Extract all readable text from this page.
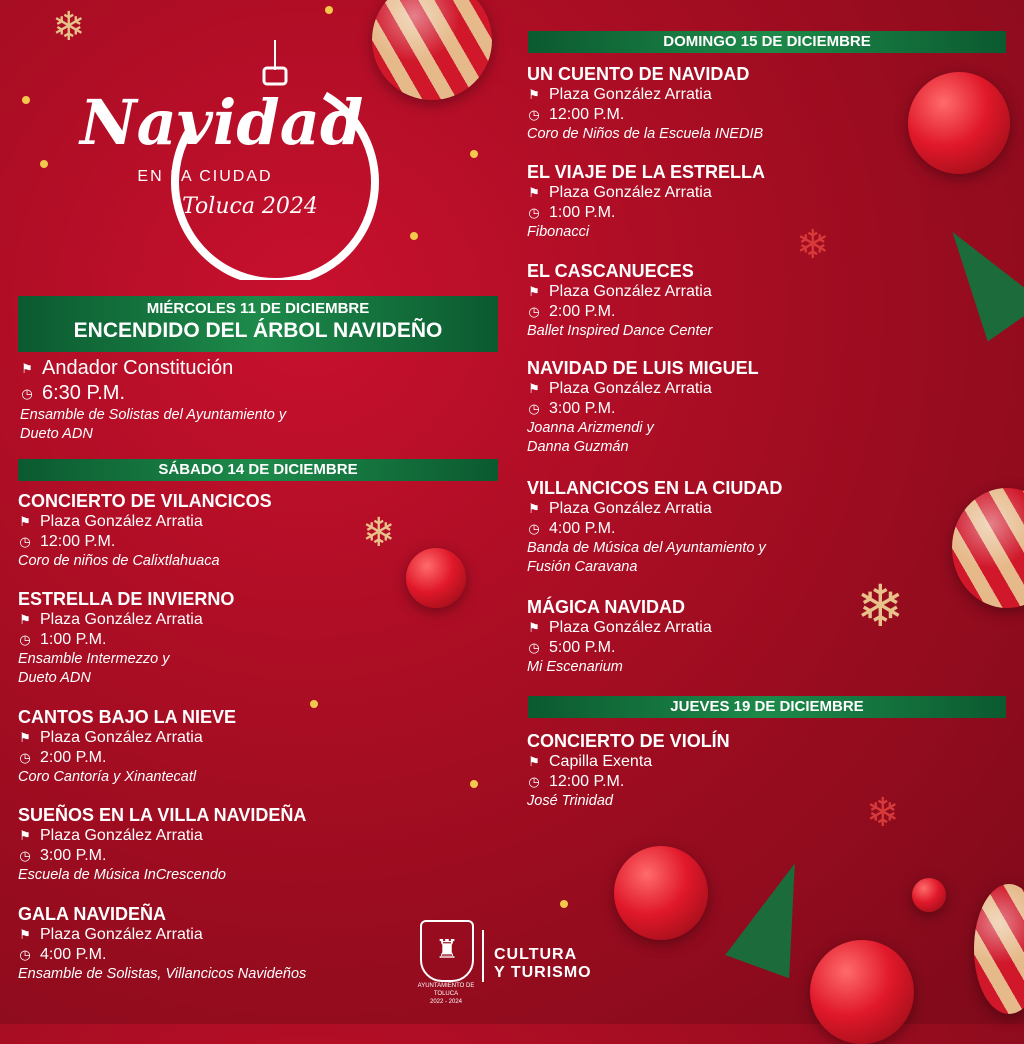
❄
❄
❄
❄
❄
Navidad
EN LA CIUDAD
Toluca 2024
MIÉRCOLES 11 DE DICIEMBRE
ENCENDIDO DEL ÁRBOL NAVIDEÑO
⚑ Andador Constitución
◷ 6:30 P.M.
Ensamble de Solistas del Ayuntamiento y
Dueto ADN
SÁBADO 14 DE DICIEMBRE
CONCIERTO DE VILANCICOS
⚑ Plaza González Arratia
◷ 12:00 P.M.
Coro de niños de Calixtlahuaca
ESTRELLA DE INVIERNO
⚑ Plaza González Arratia
◷ 1:00 P.M.
Ensamble Intermezzo y
Dueto ADN
CANTOS BAJO LA NIEVE
⚑ Plaza González Arratia
◷ 2:00 P.M.
Coro Cantoría y Xinantecatl
SUEÑOS EN LA VILLA NAVIDEÑA
⚑ Plaza González Arratia
◷ 3:00 P.M.
Escuela de Música InCrescendo
GALA NAVIDEÑA
⚑ Plaza González Arratia
◷ 4:00 P.M.
Ensamble de Solistas, Villancicos Navideños
DOMINGO 15 DE DICIEMBRE
UN CUENTO DE NAVIDAD
⚑ Plaza González Arratia
◷ 12:00 P.M.
Coro de Niños de la Escuela INEDIB
EL VIAJE DE LA ESTRELLA
⚑ Plaza González Arratia
◷ 1:00 P.M.
Fibonacci
EL CASCANUECES
⚑ Plaza González Arratia
◷ 2:00 P.M.
Ballet Inspired Dance Center
NAVIDAD DE LUIS MIGUEL
⚑ Plaza González Arratia
◷ 3:00 P.M.
Joanna Arizmendi y
Danna Guzmán
VILLANCICOS EN LA CIUDAD
⚑ Plaza González Arratia
◷ 4:00 P.M.
Banda de Música del Ayuntamiento y
Fusión Caravana
MÁGICA NAVIDAD
⚑ Plaza González Arratia
◷ 5:00 P.M.
Mi Escenarium
JUEVES 19 DE DICIEMBRE
CONCIERTO DE VIOLÍN
⚑ Capilla Exenta
◷ 12:00 P.M.
José Trinidad
♜
AYUNTAMIENTO DE
TOLUCA
2022 - 2024
CULTURA
Y TURISMO
